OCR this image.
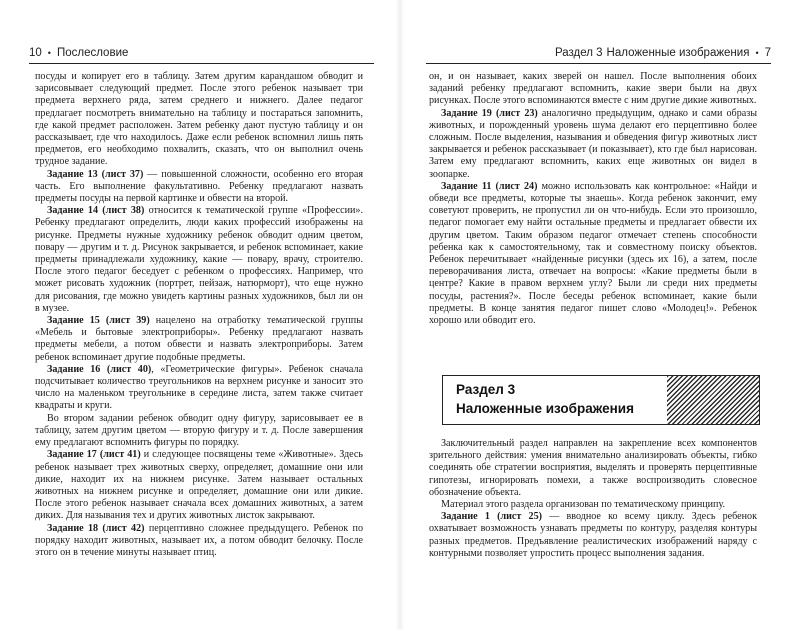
10 • Послесловие

посуды и копирует его в таблицу. Затем другим карандашом обводит и зарисовывает следующий предмет. После этого ребенок называет три предмета верхнего ряда, затем среднего и нижнего. Далее педагог предлагает посмотреть внимательно на таблицу и постараться запомнить, где какой предмет расположен. Затем ребенку дают пустую таблицу и он рассказывает, где что находилось. Даже если ребенок вспомнил лишь пять предметов, его необходимо похвалить, сказать, что он выполнил очень трудное задание.

Задание 13 (лист 37) — повышенной сложности, особенно его вторая часть. Его выполнение факультативно. Ребенку предлагают назвать предметы посуды на первой картинке и обвести на второй.

Задание 14 (лист 38) относится к тематической группе «Профессии». Ребенку предлагают определить, люди каких профессий изображены на рисунке. Предметы нужные художнику ребенок обводит одним цветом, повару — другим и т. д. Рисунок закрывается, и ребенок вспоминает, какие предметы принадлежали художнику, какие — повару, врачу, строителю. После этого педагог беседует с ребенком о профессиях. Например, что может рисовать художник (портрет, пейзаж, натюрморт), что еще нужно для рисования, где можно увидеть картины разных художников, был ли он в музее.

Задание 15 (лист 39) нацелено на отработку тематической группы «Мебель и бытовые электроприборы». Ребенку предлагают назвать предметы мебели, а потом обвести и назвать электроприборы. Затем ребенок вспоминает другие подобные предметы.

Задание 16 (лист 40), «Геометрические фигуры». Ребенок сначала подсчитывает количество треугольников на верхнем рисунке и заносит это число на маленьком треугольнике в середине листа, затем также считает квадраты и круги.

Во втором задании ребенок обводит одну фигуру, зарисовывает ее в таблицу, затем другим цветом — вторую фигуру и т. д. После завершения ему предлагают вспомнить фигуры по порядку.

Задание 17 (лист 41) и следующее посвящены теме «Животные». Здесь ребенок называет трех животных сверху, определяет, домашние они или дикие, находит их на нижнем рисунке. Затем называет остальных животных на нижнем рисунке и определяет, домашние они или дикие. После этого ребенок называет сначала всех домашних животных, а затем диких. Для называния тех и других животных листок закрывают.

Задание 18 (лист 42) перцептивно сложнее предыдущего. Ребенок по порядку находит животных, называет их, а потом обводит белочку. После этого он в течение минуты называет птиц.

Раздел 3 Наложенные изображения • 7

он, и он называет, каких зверей он нашел. После выполнения обоих заданий ребенку предлагают вспомнить, какие звери были на двух рисунках. После этого вспоминаются вместе с ним другие дикие животных.

Задание 19 (лист 23) аналогично предыдущим, однако и сами образы животных, и порожденный уровень шума делают его перцептивно более сложным. После выделения, называния и обведения фигур животных лист закрывается и ребенок рассказывает (и показывает), кто где был нарисован. Затем ему предлагают вспомнить, каких еще животных он видел в зоопарке.

Задание 11 (лист 24) можно использовать как контрольное: «Найди и обведи все предметы, которые ты знаешь». Когда ребенок закончит, ему советуют проверить, не пропустил ли он что-нибудь. Если это произошло, педагог помогает ему найти остальные предметы и предлагает обвести их другим цветом. Таким образом педагог отмечает степень способности ребенка как к самостоятельному, так и совместному поиску объектов. Ребенок перечитывает «найденные рисунки (здесь их 16), а затем, после переворачивания листа, отвечает на вопросы: «Какие предметы были в центре? Какие в правом верхнем углу? Были ли среди них предметы посуды, растения?». После беседы ребенок вспоминает, какие были предметы. В конце занятия педагог пишет слово «Молодец!». Ребенок хорошо или обводит его.

Раздел 3
Наложенные изображения

Заключительный раздел направлен на закрепление всех компонентов зрительного действия: умения внимательно анализировать объекты, гибко соединять обе стратегии восприятия, выделять и проверять перцептивные гипотезы, игнорировать помехи, а также воспроизводить словесное обозначение объекта.

Материал этого раздела организован по тематическому принципу.

Задание 1 (лист 25) — вводное ко всему циклу. Здесь ребенок охватывает возможность узнавать предметы по контуру, разделяя контуры разных предметов. Предъявление реалистических изображений наряду с контурными позволяет упростить процесс выполнения задания.
